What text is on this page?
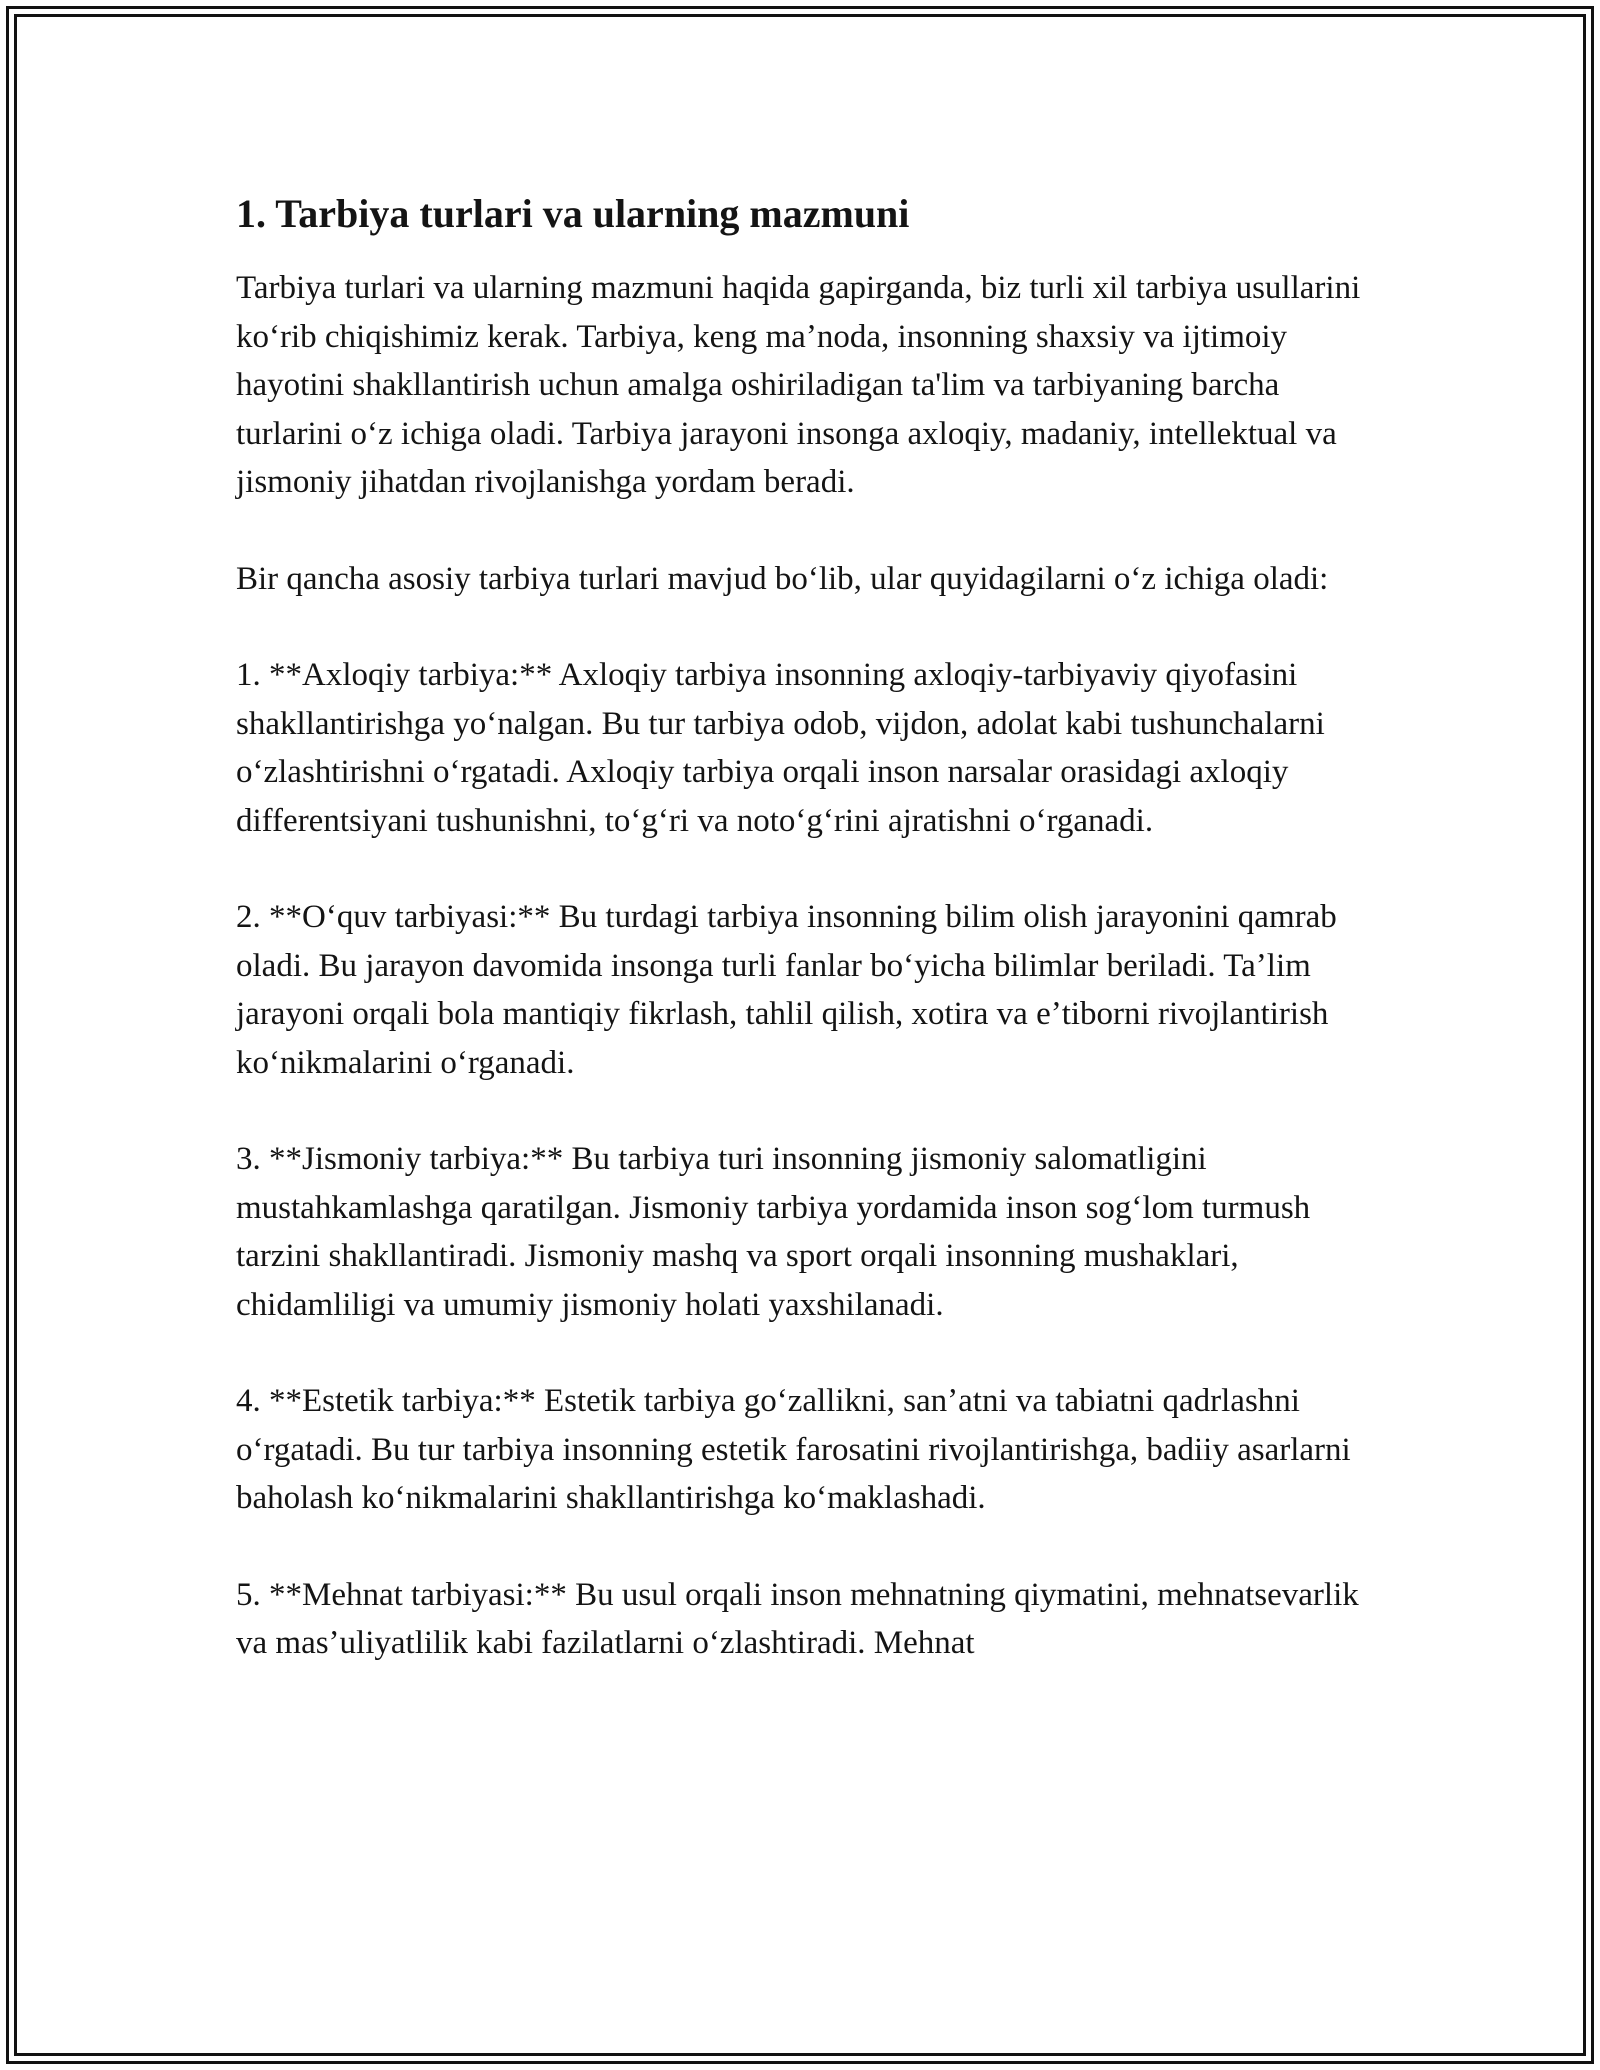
1. Tarbiya turlari va ularning mazmuni

Tarbiya turlari va ularning mazmuni haqida gapirganda, biz turli xil tarbiya usullarini koʻrib chiqishimiz kerak. Tarbiya, keng maʼnoda, insonning shaxsiy va ijtimoiy hayotini shakllantirish uchun amalga oshiriladigan ta'lim va tarbiyaning barcha turlarini oʻz ichiga oladi. Tarbiya jarayoni insonga axloqiy, madaniy, intellektual va jismoniy jihatdan rivojlanishga yordam beradi.

Bir qancha asosiy tarbiya turlari mavjud boʻlib, ular quyidagilarni oʻz ichiga oladi:

1. **Axloqiy tarbiya:** Axloqiy tarbiya insonning axloqiy-tarbiyaviy qiyofasini shakllantirishga yoʻnalgan. Bu tur tarbiya odob, vijdon, adolat kabi tushunchalarni oʻzlashtirishni oʻrgatadi. Axloqiy tarbiya orqali inson narsalar orasidagi axloqiy differentsiyani tushunishni, toʻgʻri va notoʻgʻrini ajratishni oʻrganadi.

2. **Oʻquv tarbiyasi:** Bu turdagi tarbiya insonning bilim olish jarayonini qamrab oladi. Bu jarayon davomida insonga turli fanlar boʻyicha bilimlar beriladi. Taʼlim jarayoni orqali bola mantiqiy fikrlash, tahlil qilish, xotira va eʼtiborni rivojlantirish koʻnikmalarini oʻrganadi.

3. **Jismoniy tarbiya:** Bu tarbiya turi insonning jismoniy salomatligini mustahkamlashga qaratilgan. Jismoniy tarbiya yordamida inson sogʻlom turmush tarzini shakllantiradi. Jismoniy mashq va sport orqali insonning mushaklari, chidamliligi va umumiy jismoniy holati yaxshilanadi.

4. **Estetik tarbiya:** Estetik tarbiya goʻzallikni, sanʼatni va tabiatni qadrlashni oʻrgatadi. Bu tur tarbiya insonning estetik farosatini rivojlantirishga, badiiy asarlarni baholash koʻnikmalarini shakllantirishga koʻmaklashadi.

5. **Mehnat tarbiyasi:** Bu usul orqali inson mehnatning qiymatini, mehnatsevarlik va masʼuliyatlilik kabi fazilatlarni oʻzlashtiradi. Mehnat
